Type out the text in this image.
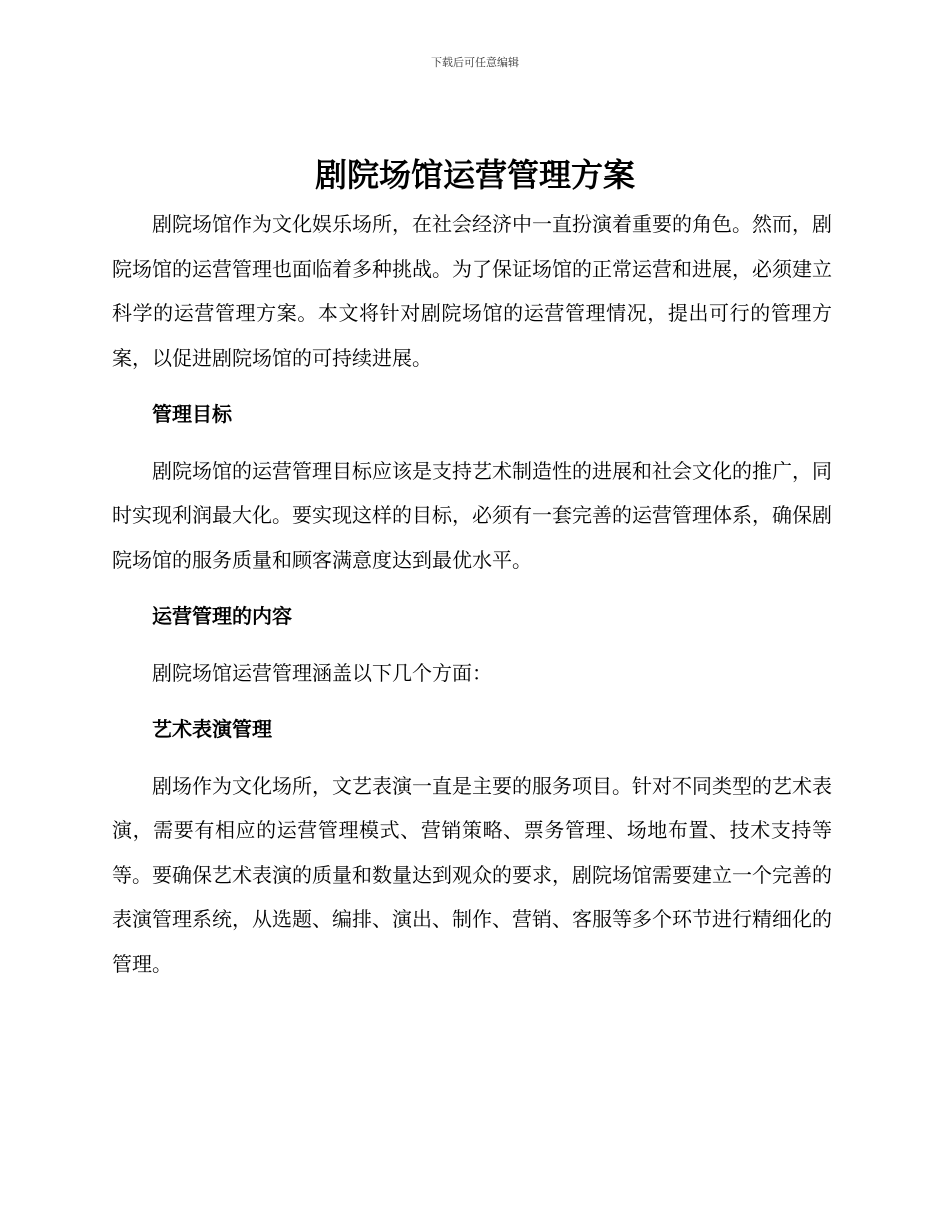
下载后可任意编辑
剧院场馆运营管理方案

剧院场馆作为文化娱乐场所，在社会经济中一直扮演着重要的角色。然而，剧院场馆的运营管理也面临着多种挑战。为了保证场馆的正常运营和进展，必须建立科学的运营管理方案。本文将针对剧院场馆的运营管理情况，提出可行的管理方案，以促进剧院场馆的可持续进展。

管理目标

剧院场馆的运营管理目标应该是支持艺术制造性的进展和社会文化的推广，同时实现利润最大化。要实现这样的目标，必须有一套完善的运营管理体系，确保剧院场馆的服务质量和顾客满意度达到最优水平。

运营管理的内容

剧院场馆运营管理涵盖以下几个方面：

艺术表演管理

剧场作为文化场所，文艺表演一直是主要的服务项目。针对不同类型的艺术表演，需要有相应的运营管理模式、营销策略、票务管理、场地布置、技术支持等等。要确保艺术表演的质量和数量达到观众的要求，剧院场馆需要建立一个完善的表演管理系统，从选题、编排、演出、制作、营销、客服等多个环节进行精细化的管理。
